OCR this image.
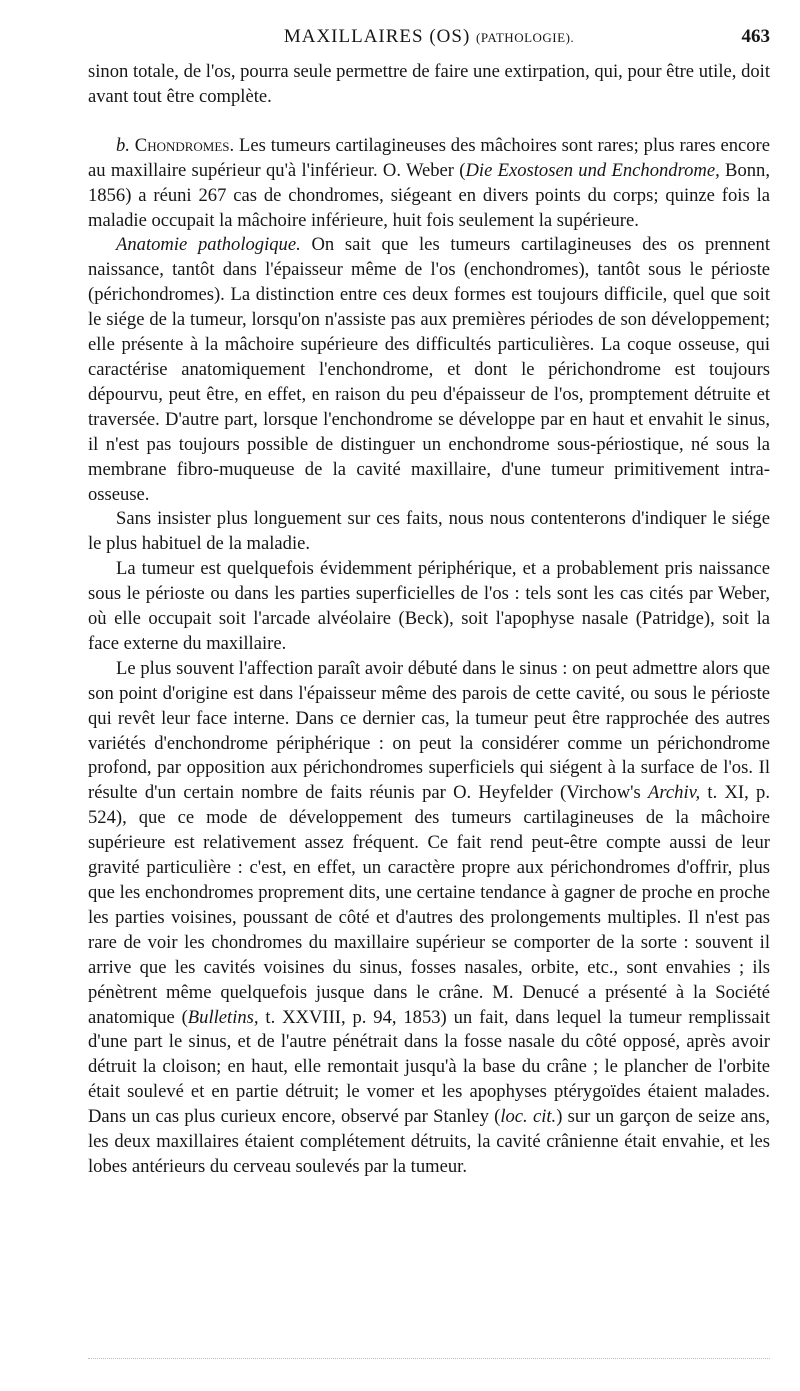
MAXILLAIRES (OS) (PATHOLOGIE).	463

sinon totale, de l'os, pourra seule permettre de faire une extirpation, qui, pour être utile, doit avant tout être complète.

b. Chondromes. Les tumeurs cartilagineuses des mâchoires sont rares; plus rares encore au maxillaire supérieur qu'à l'inférieur. O. Weber (Die Exostosen und Enchondrome, Bonn, 1856) a réuni 267 cas de chondromes, siégeant en divers points du corps; quinze fois la maladie occupait la mâchoire inférieure, huit fois seulement la supérieure.

Anatomie pathologique. On sait que les tumeurs cartilagineuses des os prennent naissance, tantôt dans l'épaisseur même de l'os (enchondromes), tantôt sous le périoste (périchondromes). La distinction entre ces deux formes est toujours difficile, quel que soit le siége de la tumeur, lorsqu'on n'assiste pas aux premières périodes de son développement; elle présente à la mâchoire supérieure des difficultés particulières. La coque osseuse, qui caractérise anatomiquement l'enchondrome, et dont le périchondrome est toujours dépourvu, peut être, en effet, en raison du peu d'épaisseur de l'os, promptement détruite et traversée. D'autre part, lorsque l'enchondrome se développe par en haut et envahit le sinus, il n'est pas toujours possible de distinguer un enchondrome sous-périostique, né sous la membrane fibro-muqueuse de la cavité maxillaire, d'une tumeur primitivement intra-osseuse.

Sans insister plus longuement sur ces faits, nous nous contenterons d'indiquer le siége le plus habituel de la maladie.

La tumeur est quelquefois évidemment périphérique, et a probablement pris naissance sous le périoste ou dans les parties superficielles de l'os : tels sont les cas cités par Weber, où elle occupait soit l'arcade alvéolaire (Beck), soit l'apophyse nasale (Patridge), soit la face externe du maxillaire.

Le plus souvent l'affection paraît avoir débuté dans le sinus : on peut admettre alors que son point d'origine est dans l'épaisseur même des parois de cette cavité, ou sous le périoste qui revêt leur face interne. Dans ce dernier cas, la tumeur peut être rapprochée des autres variétés d'enchondrome périphérique : on peut la considérer comme un périchondrome profond, par opposition aux périchondromes superficiels qui siégent à la surface de l'os. Il résulte d'un certain nombre de faits réunis par O. Heyfelder (Virchow's Archiv, t. XI, p. 524), que ce mode de développement des tumeurs cartilagineuses de la mâchoire supérieure est relativement assez fréquent. Ce fait rend peut-être compte aussi de leur gravité particulière : c'est, en effet, un caractère propre aux périchondromes d'offrir, plus que les enchondromes proprement dits, une certaine tendance à gagner de proche en proche les parties voisines, poussant de côté et d'autres des prolongements multiples. Il n'est pas rare de voir les chondromes du maxillaire supérieur se comporter de la sorte : souvent il arrive que les cavités voisines du sinus, fosses nasales, orbite, etc., sont envahies ; ils pénètrent même quelquefois jusque dans le crâne. M. Denucé a présenté à la Société anatomique (Bulletins, t. XXVIII, p. 94, 1853) un fait, dans lequel la tumeur remplissait d'une part le sinus, et de l'autre pénétrait dans la fosse nasale du côté opposé, après avoir détruit la cloison; en haut, elle remontait jusqu'à la base du crâne ; le plancher de l'orbite était soulevé et en partie détruit; le vomer et les apophyses ptérygoïdes étaient malades. Dans un cas plus curieux encore, observé par Stanley (loc. cit.) sur un garçon de seize ans, les deux maxillaires étaient complétement détruits, la cavité crânienne était envahie, et les lobes antérieurs du cerveau soulevés par la tumeur.
